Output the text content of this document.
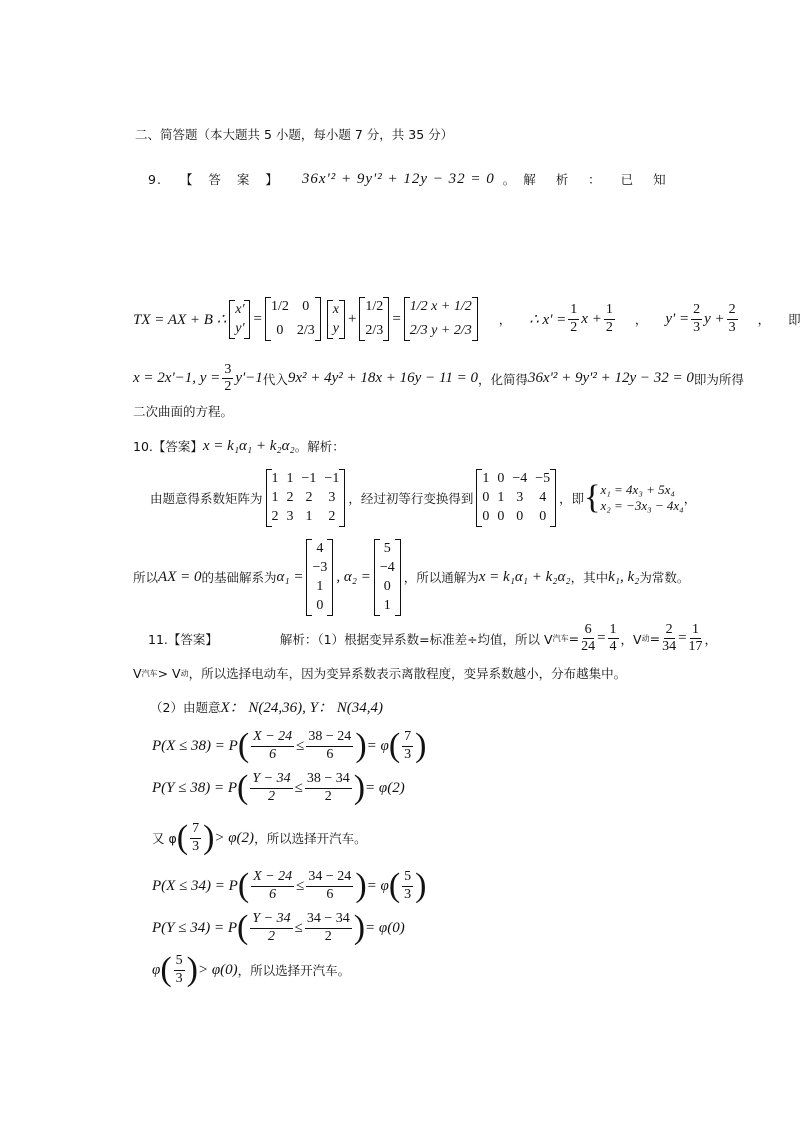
二、简答题（本大题共 5 小题，每小题 7 分，共 35 分）
9. 【 答 案 】 36x'² + 9y'² + 12y − 32 = 0 。解 析 ： 已 知
TX = AX + B ∴
x'
y'
=
1/2 0
0 2/3
x
y
+
1/2
2/3
=
1/2 x + 1/2
2/3 y + 2/3
， ∴ $x' = \frac{1}{2}$ $x + \frac{1}{2}$ ， $y' = \frac{2}{3}$ $y + \frac{2}{3}$ ， 即
x = 2x'−1, $y = \frac{3}{2} y'-1$ 代入 9x² + 4y² + 18x + 16y − 11 = 0 ，化简得 36x'² + 9y'² + 12y − 32 = 0 即为所得
二次曲面的方程。
10.【答案】 x = k₁α₁ + k₂α₂ 。解析：
由题意得系数矩阵为
1 1 −1 −1
1 2 2 3
2 3 1 2
，经过初等行变换得到
1 0 −4 −5
0 1 3 4
0 0 0 0
，即 { x₁ = 4x₃ + 5x₄
x₂ = −3x₃ − 4x₄ ，
所以 AX = 0 的基础解系为 α₁ =
4
−3
1
0
, α₂ =
5
−4
0
1
，所以通解为 x = k₁α₁ + k₂α₂ ，其中 k₁, k₂ 为常数。
11.【答案】	解析：（1）根据变异系数=标准差÷均值，所以 V 汽车 = $\frac{6}{24} = \frac{1}{4}$ ，V 动 = $\frac{2}{34} = \frac{1}{17}$ ，
V 汽车 > V 动 ，所以选择电动车，因为变异系数表示离散程度，变异系数越小，分布越集中。
（2）由题意 X： N(24,36), Y： N(34,4)
P(X ≤ 38) = P ( $\frac{X - 24}{6} \le \frac{38 - 24}{6}$ ) = φ ( $\frac{7}{3}$ )
P(Y ≤ 38) = P ( $\frac{Y - 34}{2} \le \frac{38 - 34}{2}$ ) = φ(2)
又 φ ( $\frac{7}{3}$ ) > φ(2) ，所以选择开汽车。
P(X ≤ 34) = P ( $\frac{X - 24}{6} \le \frac{34 - 24}{6}$ ) = φ ( $\frac{5}{3}$ )
P(Y ≤ 34) = P ( $\frac{Y - 34}{2} \le \frac{34 - 34}{2}$ ) = φ(0)
φ ( $\frac{5}{3}$ ) > φ(0) ，所以选择开汽车。
